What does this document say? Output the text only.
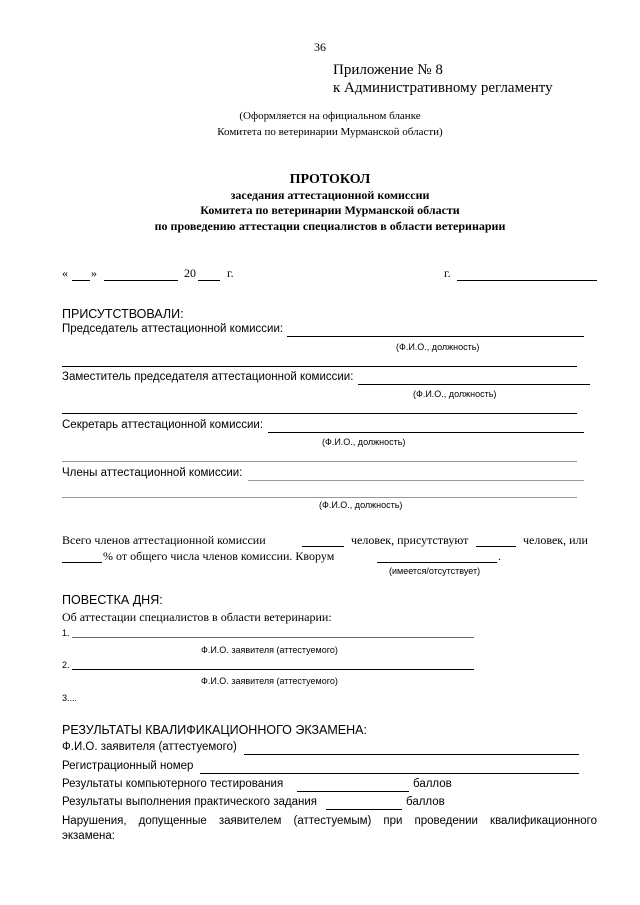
36
Приложение № 8
к Административному регламенту
(Оформляется на официальном бланке
Комитета по ветеринарии Мурманской области)
ПРОТОКОЛ
заседания аттестационной комиссии
Комитета по ветеринарии Мурманской области
по проведению аттестации специалистов в области ветеринарии
« »	20	г.	г.
ПРИСУТСТВОВАЛИ:
Председатель аттестационной комиссии:
(Ф.И.О., должность)
Заместитель председателя аттестационной комиссии:
(Ф.И.О., должность)
Секретарь аттестационной комиссии:
(Ф.И.О., должность)
Члены аттестационной комиссии:
(Ф.И.О., должность)
Всего членов аттестационной комиссии	человек, присутствуют	человек, или
% от общего числа членов комиссии. Кворум	.
(имеется/отсутствует)
ПОВЕСТКА ДНЯ:
Об аттестации специалистов в области ветеринарии:
1.
Ф.И.О. заявителя (аттестуемого)
2.
Ф.И.О. заявителя (аттестуемого)
3....
РЕЗУЛЬТАТЫ КВАЛИФИКАЦИОННОГО ЭКЗАМЕНА:
Ф.И.О. заявителя (аттестуемого)
Регистрационный номер
Результаты компьютерного тестирования	баллов
Результаты выполнения практического задания	баллов
Нарушения, допущенные заявителем (аттестуемым) при проведении квалификационного
экзамена:
